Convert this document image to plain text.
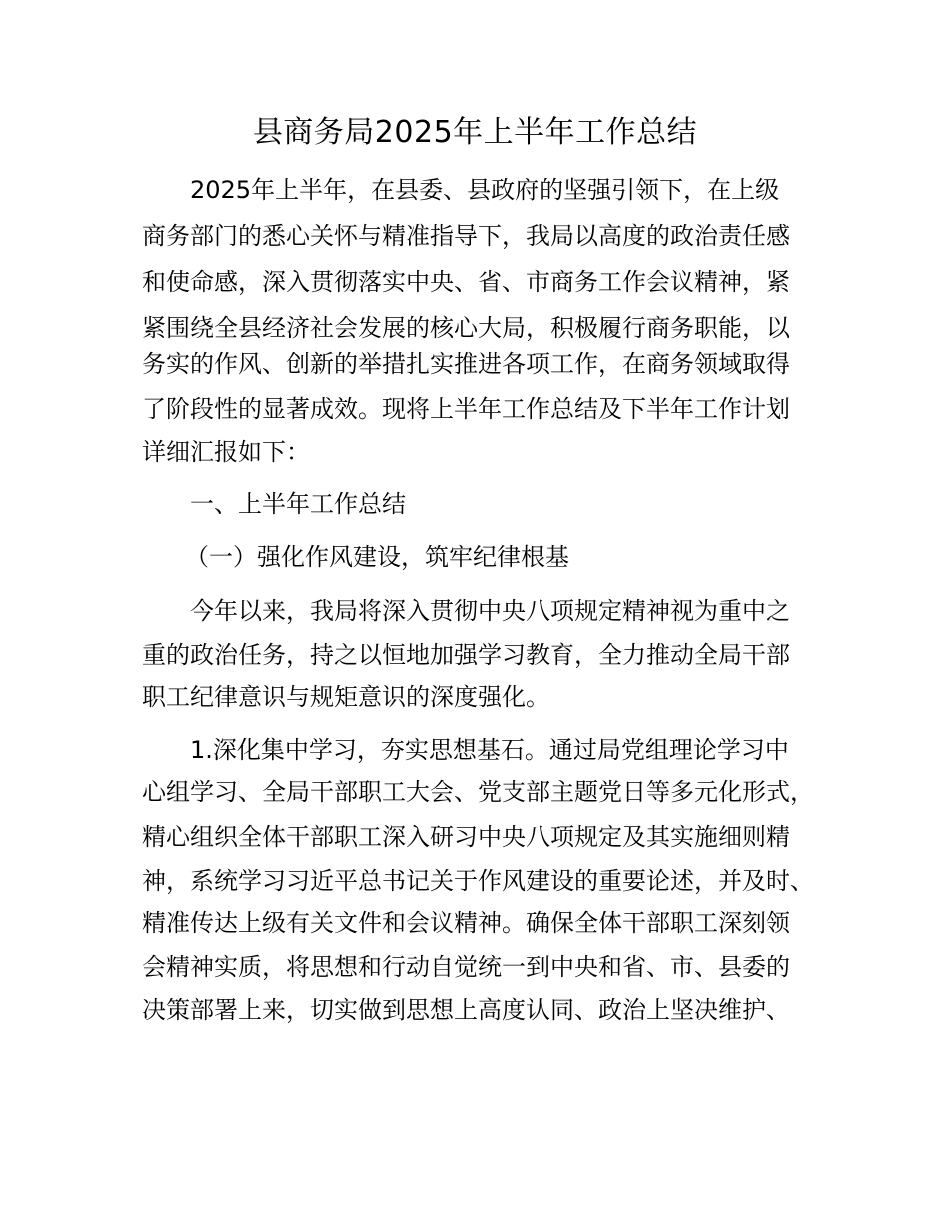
县商务局2025年上半年工作总结
2025年上半年，在县委、县政府的坚强引领下，在上级
商务部门的悉心关怀与精准指导下，我局以高度的政治责任感
和使命感，深入贯彻落实中央、省、市商务工作会议精神，紧
紧围绕全县经济社会发展的核心大局，积极履行商务职能，以
务实的作风、创新的举措扎实推进各项工作，在商务领域取得
了阶段性的显著成效。现将上半年工作总结及下半年工作计划
详细汇报如下：
一、上半年工作总结
（一）强化作风建设，筑牢纪律根基
今年以来，我局将深入贯彻中央八项规定精神视为重中之
重的政治任务，持之以恒地加强学习教育，全力推动全局干部
职工纪律意识与规矩意识的深度强化。
1.深化集中学习，夯实思想基石。通过局党组理论学习中
心组学习、全局干部职工大会、党支部主题党日等多元化形式，
精心组织全体干部职工深入研习中央八项规定及其实施细则精
神，系统学习习近平总书记关于作风建设的重要论述，并及时、
精准传达上级有关文件和会议精神。确保全体干部职工深刻领
会精神实质，将思想和行动自觉统一到中央和省、市、县委的
决策部署上来，切实做到思想上高度认同、政治上坚决维护、
